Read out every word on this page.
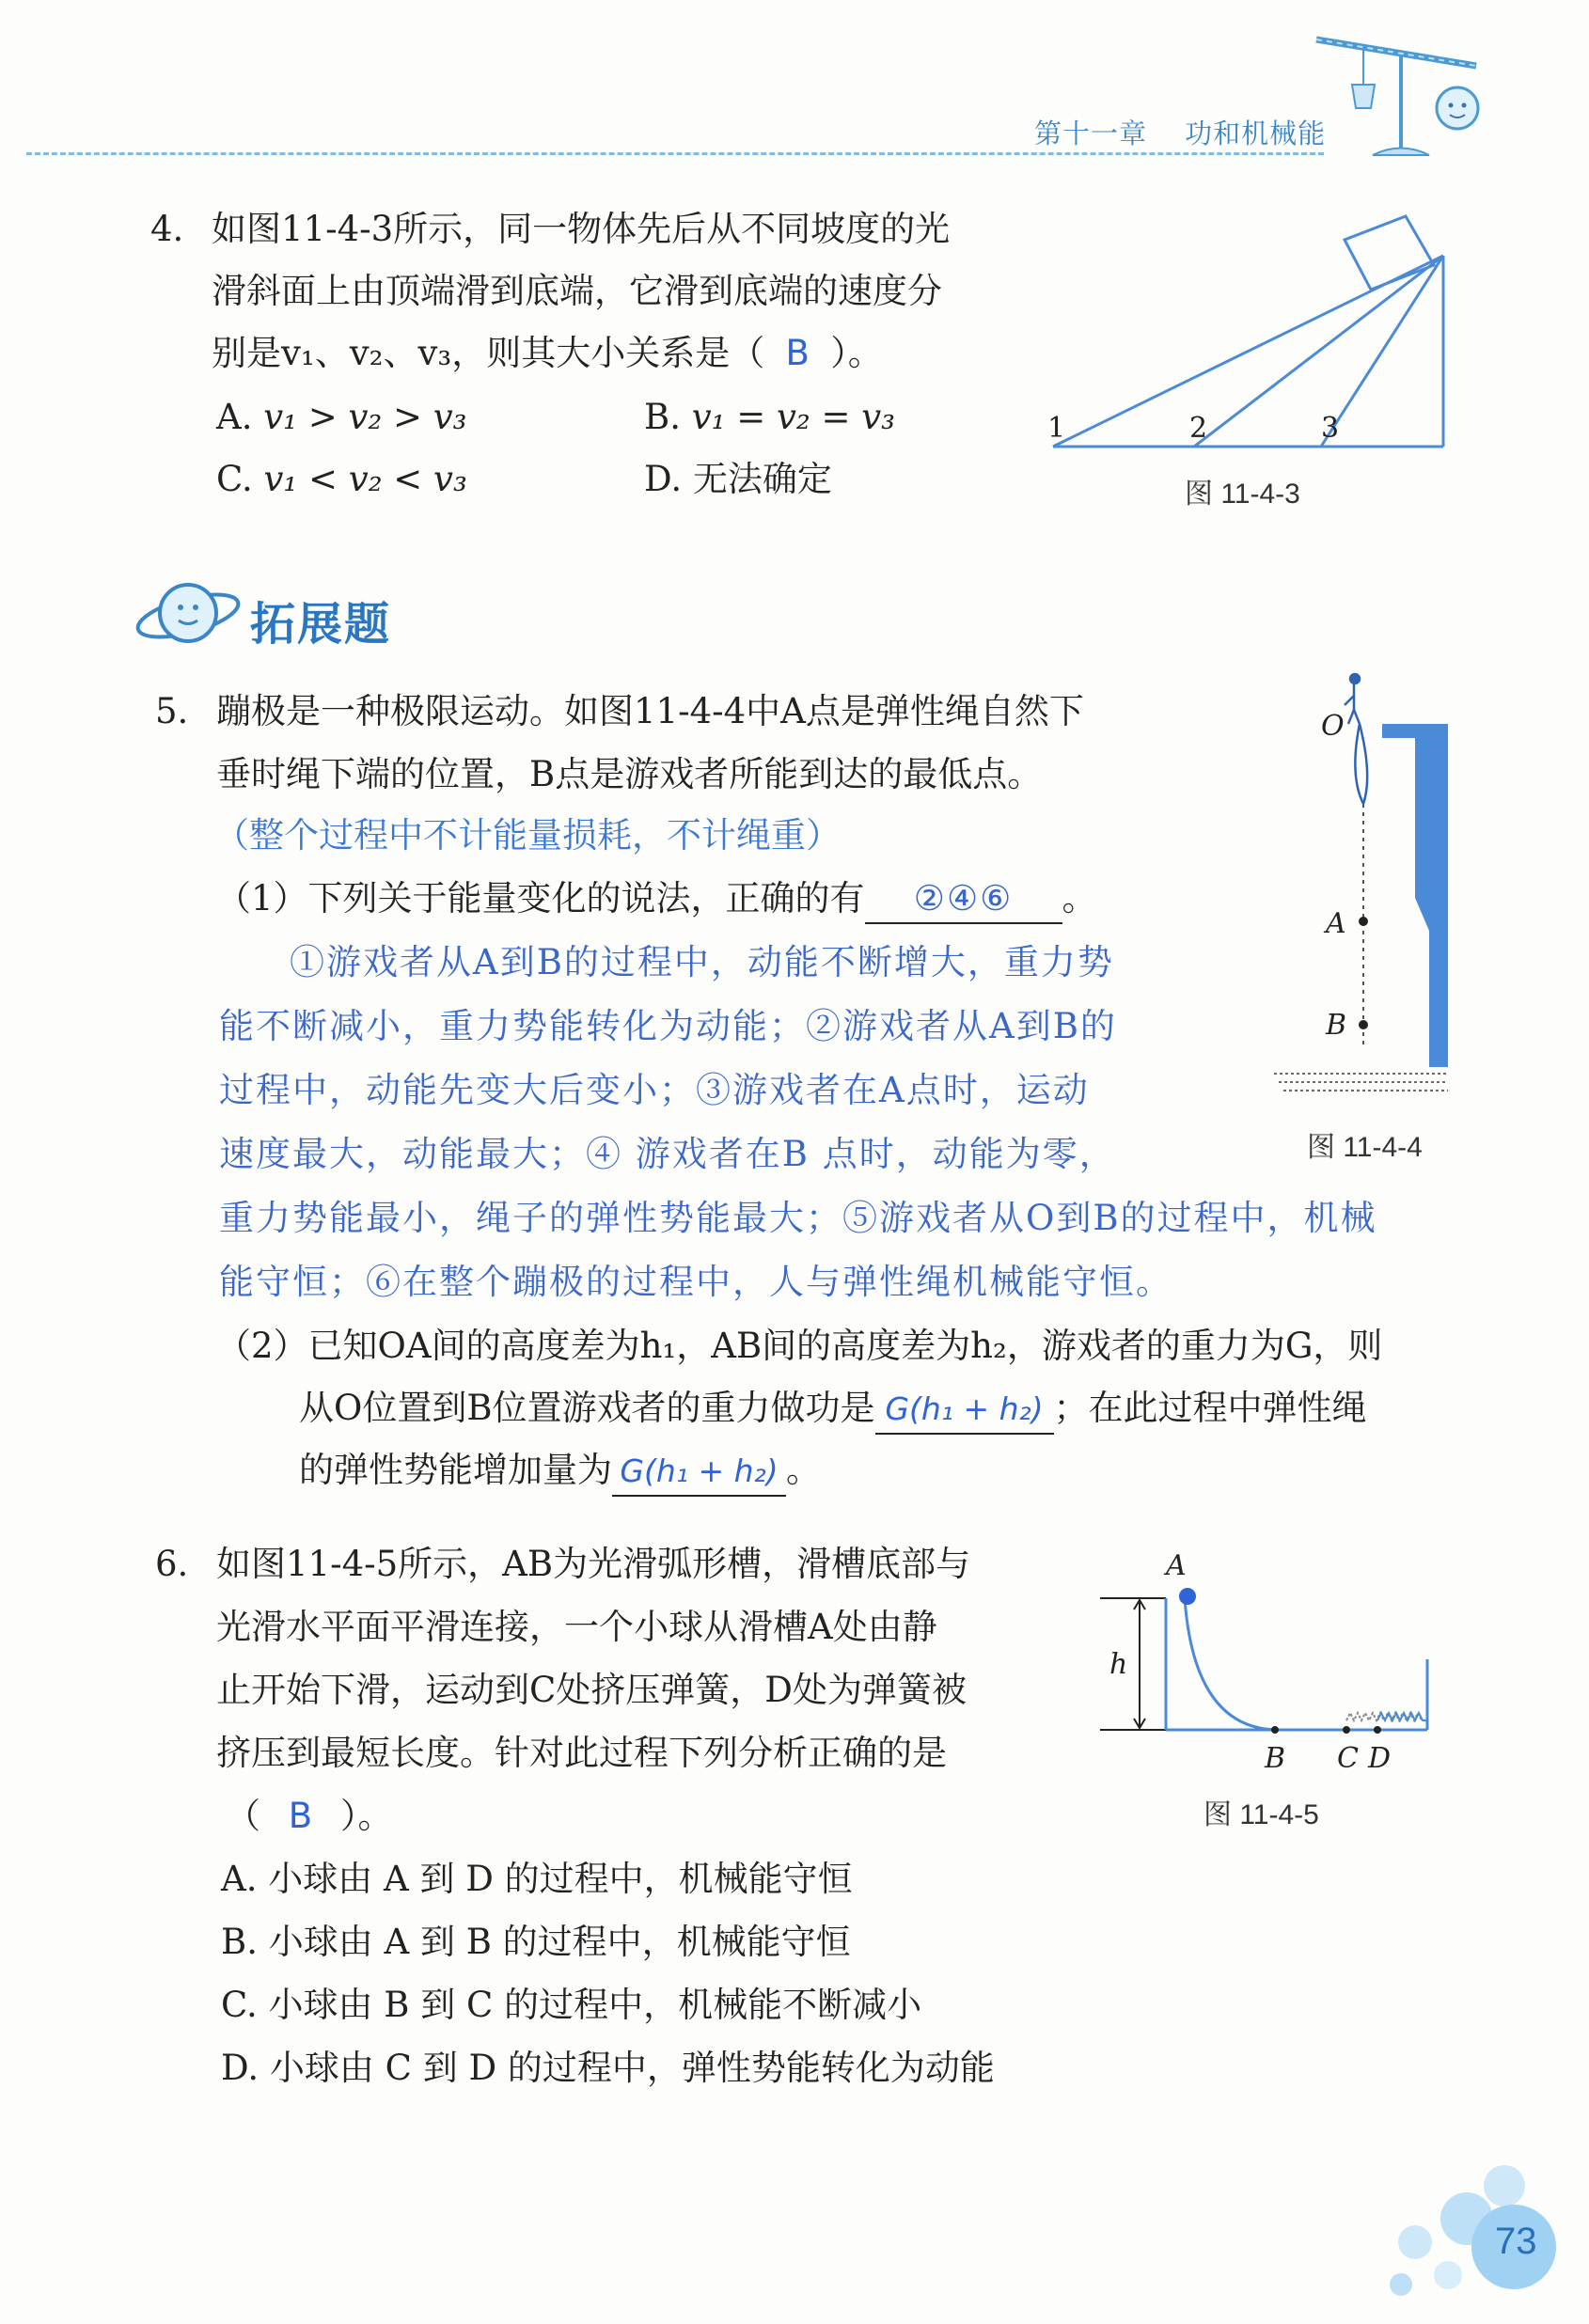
第十一章 功和机械能
4. 如图11-4-3所示，同一物体先后从不同坡度的光
滑斜面上由顶端滑到底端，它滑到底端的速度分
别是v₁、v₂、v₃，则其大小关系是（ B ）。
A. v₁ > v₂ > v₃	B. v₁ = v₂ = v₃
C. v₁ < v₂ < v₃	D. 无法确定
1	2	3
图 11-4-3
拓展题
5. 蹦极是一种极限运动。如图11-4-4中A点是弹性绳自然下
垂时绳下端的位置，B点是游戏者所能到达的最低点。
（整个过程中不计能量损耗，不计绳重）
（1）下列关于能量变化的说法，正确的有 ②④⑥ 。
①游戏者从A到B的过程中，动能不断增大，重力势
能不断减小，重力势能转化为动能；②游戏者从A到B的
过程中，动能先变大后变小；③游戏者在A点时，运动
速度最大，动能最大；④ 游戏者在B 点时，动能为零，
重力势能最小，绳子的弹性势能最大；⑤游戏者从O到B的过程中，机械
能守恒；⑥在整个蹦极的过程中，人与弹性绳机械能守恒。
（2）已知OA间的高度差为h₁，AB间的高度差为h₂，游戏者的重力为G，则
从O位置到B位置游戏者的重力做功是 G(h₁ + h₂) ；在此过程中弹性绳
的弹性势能增加量为 G(h₁ + h₂) 。
O
A
B
图 11-4-4
6. 如图11-4-5所示，AB为光滑弧形槽，滑槽底部与
光滑水平面平滑连接，一个小球从滑槽A处由静
止开始下滑，运动到C处挤压弹簧，D处为弹簧被
挤压到最短长度。针对此过程下列分析正确的是
（ B ）。
A. 小球由 A 到 D 的过程中，机械能守恒
B. 小球由 A 到 B 的过程中，机械能守恒
C. 小球由 B 到 C 的过程中，机械能不断减小
D. 小球由 C 到 D 的过程中，弹性势能转化为动能
A
h
B C D
图 11-4-5
73
